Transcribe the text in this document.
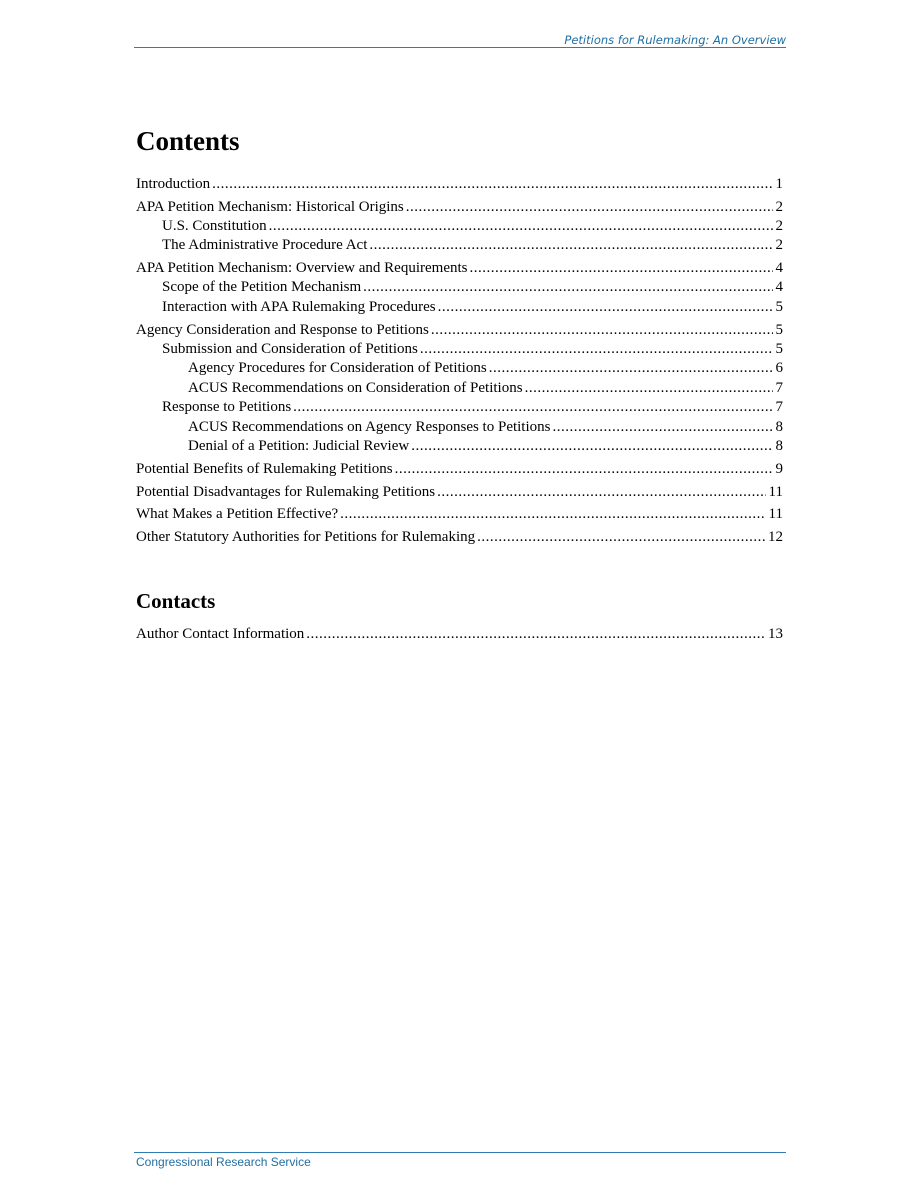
Petitions for Rulemaking: An Overview
Contents
Introduction .....	1
APA Petition Mechanism: Historical Origins .....	2
U.S. Constitution .....	2
The Administrative Procedure Act .....	2
APA Petition Mechanism: Overview and Requirements .....	4
Scope of the Petition Mechanism .....	4
Interaction with APA Rulemaking Procedures .....	5
Agency Consideration and Response to Petitions .....	5
Submission and Consideration of Petitions .....	5
Agency Procedures for Consideration of Petitions .....	6
ACUS Recommendations on Consideration of Petitions .....	7
Response to Petitions .....	7
ACUS Recommendations on Agency Responses to Petitions .....	8
Denial of a Petition: Judicial Review .....	8
Potential Benefits of Rulemaking Petitions .....	9
Potential Disadvantages for Rulemaking Petitions .....	11
What Makes a Petition Effective? .....	11
Other Statutory Authorities for Petitions for Rulemaking .....	12
Contacts
Author Contact Information .....	13
Congressional Research Service
